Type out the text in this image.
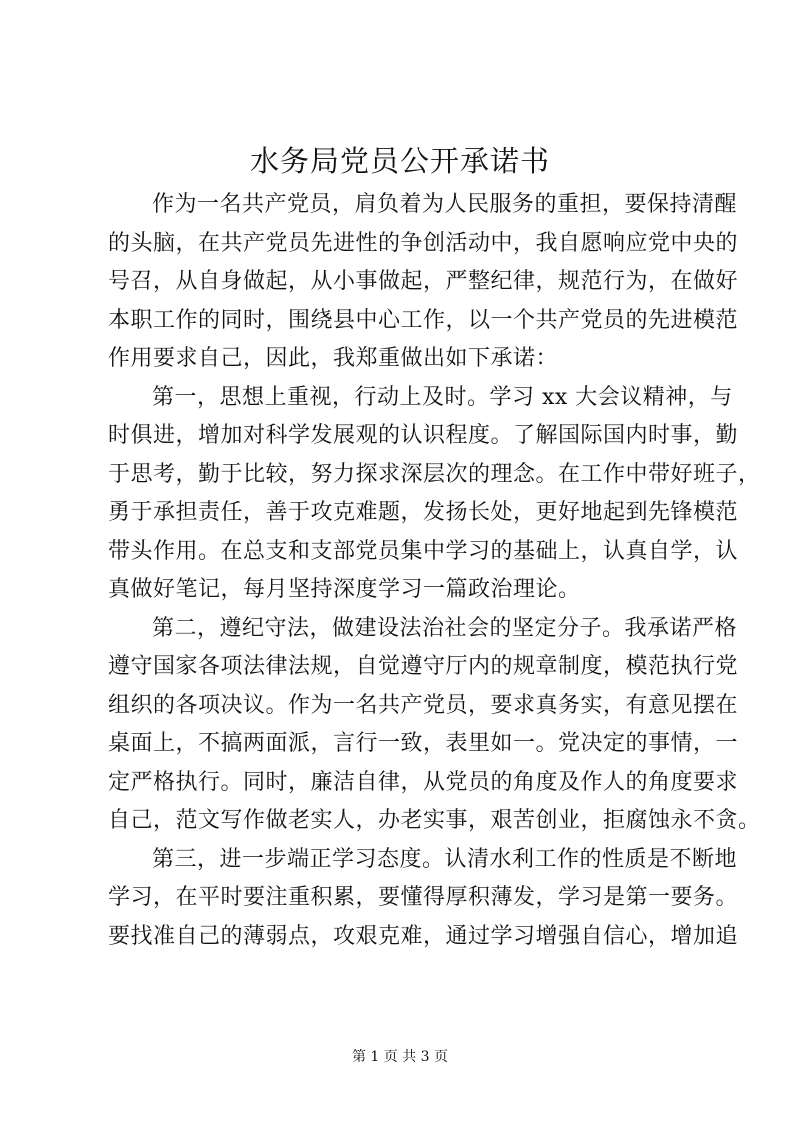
水务局党员公开承诺书
作为一名共产党员，肩负着为人民服务的重担，要保持清醒
的头脑，在共产党员先进性的争创活动中，我自愿响应党中央的
号召，从自身做起，从小事做起，严整纪律，规范行为，在做好
本职工作的同时，围绕县中心工作，以一个共产党员的先进模范
作用要求自己，因此，我郑重做出如下承诺：
第一，思想上重视，行动上及时。学习 xx 大会议精神，与
时俱进，增加对科学发展观的认识程度。了解国际国内时事，勤
于思考，勤于比较，努力探求深层次的理念。在工作中带好班子，
勇于承担责任，善于攻克难题，发扬长处，更好地起到先锋模范
带头作用。在总支和支部党员集中学习的基础上，认真自学，认
真做好笔记，每月坚持深度学习一篇政治理论。
第二，遵纪守法，做建设法治社会的坚定分子。我承诺严格
遵守国家各项法律法规，自觉遵守厅内的规章制度，模范执行党
组织的各项决议。作为一名共产党员，要求真务实，有意见摆在
桌面上，不搞两面派，言行一致，表里如一。党决定的事情，一
定严格执行。同时，廉洁自律，从党员的角度及作人的角度要求
自己，范文写作做老实人，办老实事，艰苦创业，拒腐蚀永不贪。
第三，进一步端正学习态度。认清水利工作的性质是不断地
学习，在平时要注重积累，要懂得厚积薄发，学习是第一要务。
要找准自己的薄弱点，攻艰克难，通过学习增强自信心，增加追
第 1 页 共 3 页
